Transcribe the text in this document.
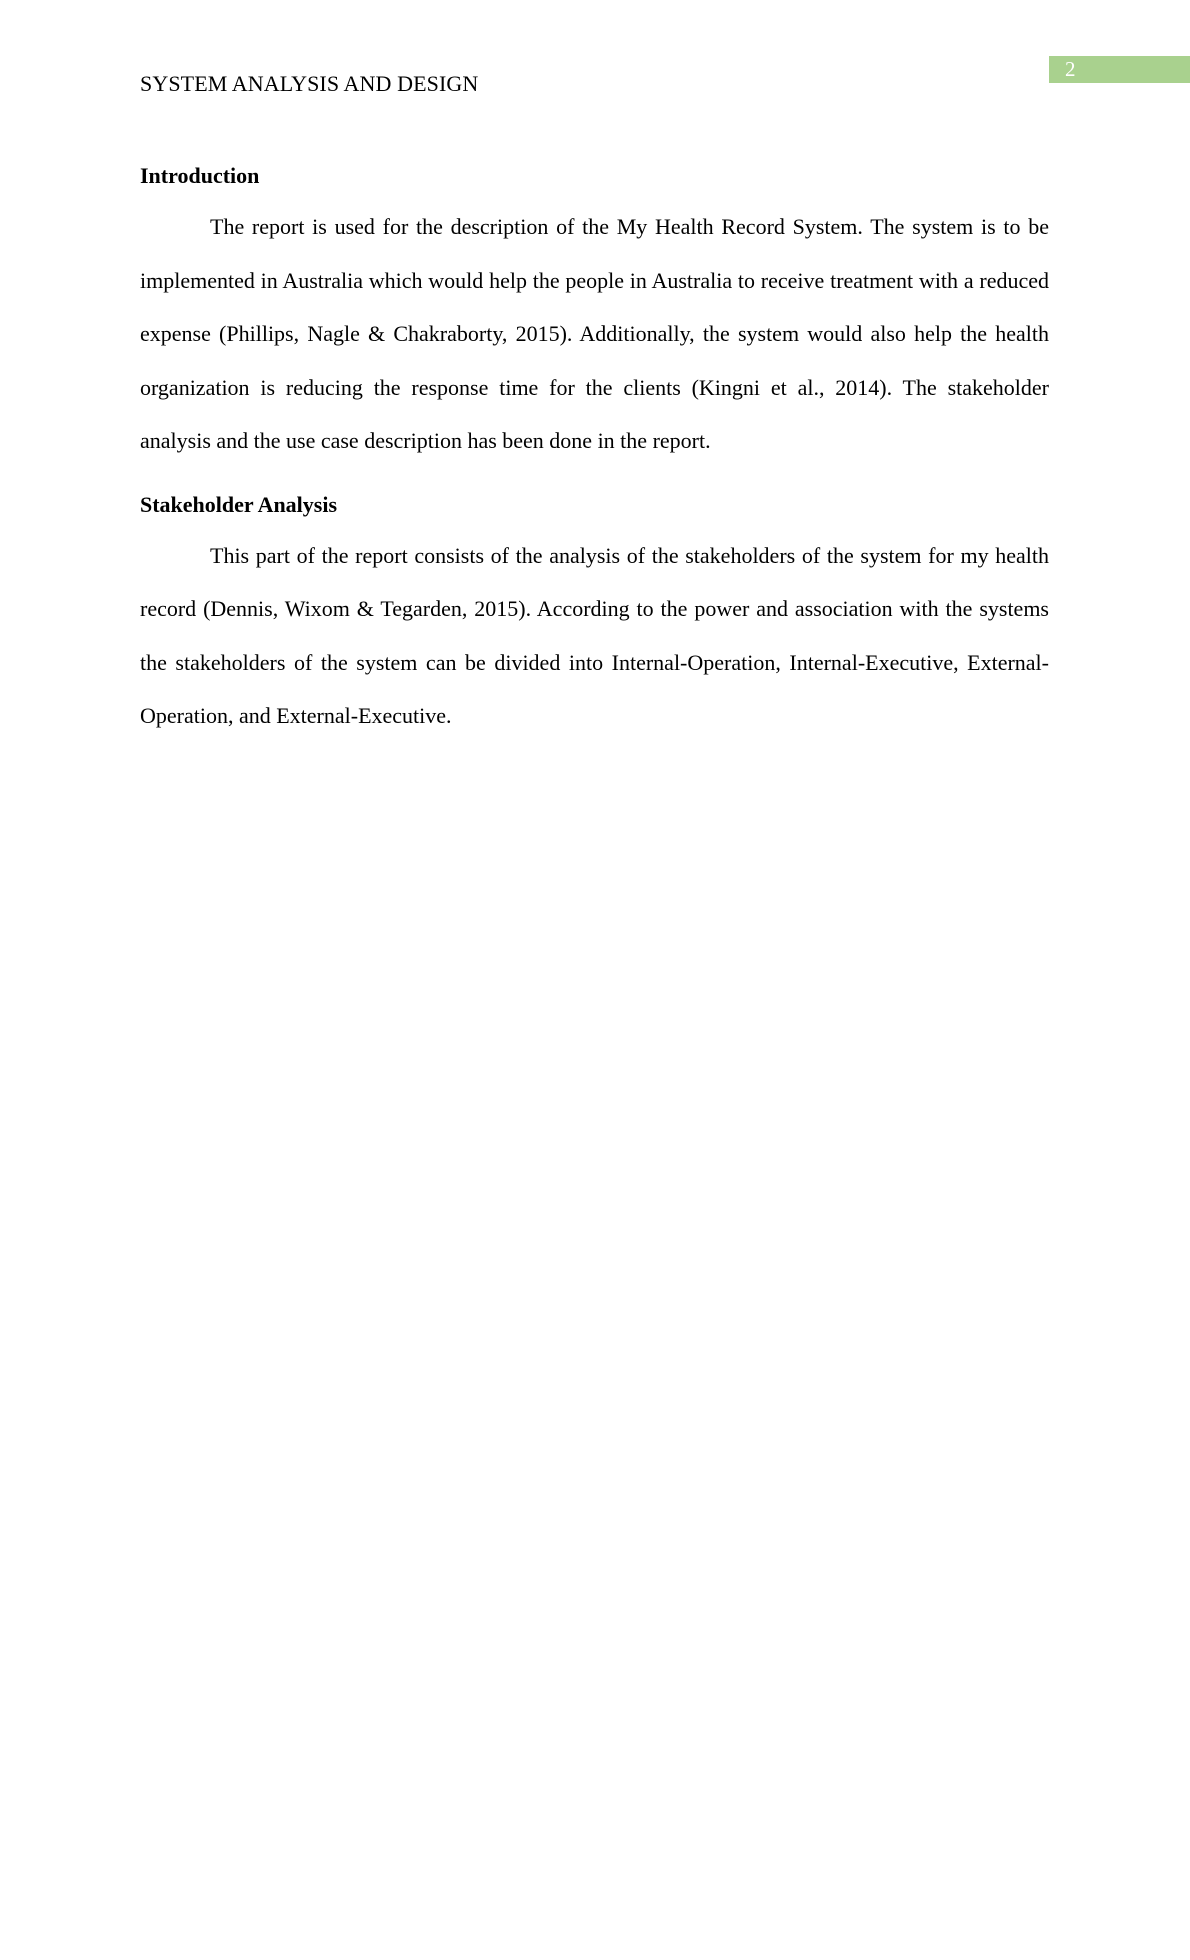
2
SYSTEM ANALYSIS AND DESIGN
Introduction

The report is used for the description of the My Health Record System. The system is to be implemented in Australia which would help the people in Australia to receive treatment with a reduced expense (Phillips, Nagle & Chakraborty, 2015). Additionally, the system would also help the health organization is reducing the response time for the clients (Kingni et al., 2014). The stakeholder analysis and the use case description has been done in the report.

Stakeholder Analysis

This part of the report consists of the analysis of the stakeholders of the system for my health record (Dennis, Wixom & Tegarden, 2015). According to the power and association with the systems the stakeholders of the system can be divided into Internal-Operation, Internal-Executive, External-Operation, and External-Executive.
